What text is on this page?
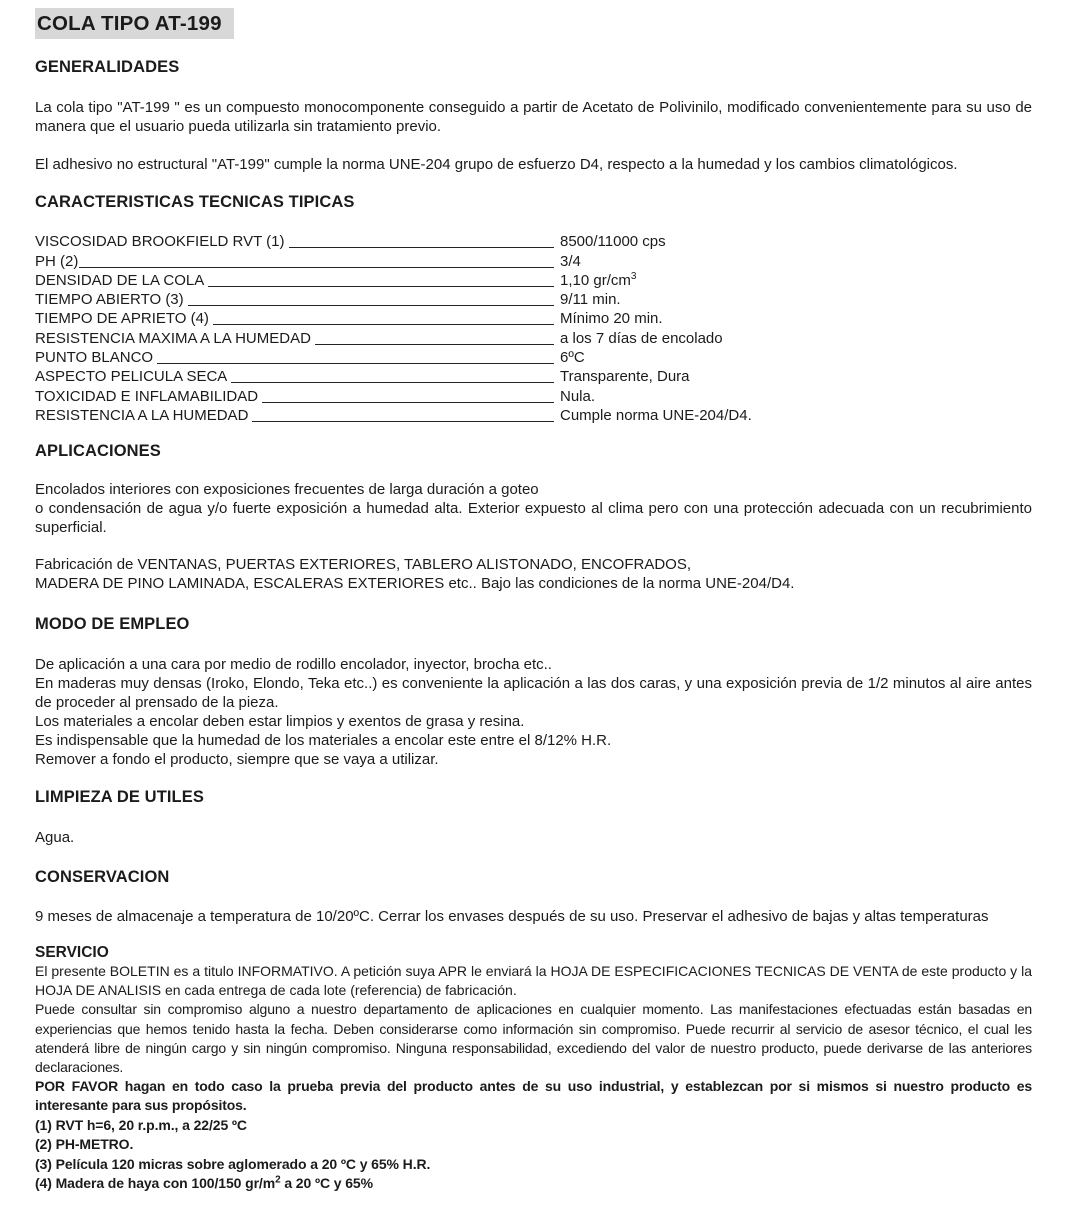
COLA TIPO AT-199
GENERALIDADES

La cola tipo "AT-199 " es un compuesto monocomponente conseguido a partir de Acetato de Polivinilo, modificado convenientemente para su uso de manera que el usuario pueda utilizarla sin tratamiento previo.

El adhesivo no estructural "AT-199" cumple la norma UNE-204 grupo de esfuerzo D4, respecto a la humedad y los cambios climatológicos.

CARACTERISTICAS TECNICAS TIPICAS
VISCOSIDAD BROOKFIELD RVT (1)	8500/11000 cps
PH (2)	3/4
DENSIDAD DE LA COLA	1,10 $gr/cm^3$
TIEMPO ABIERTO (3)	9/11 min.
TIEMPO DE APRIETO (4)	Mínimo 20 min.
RESISTENCIA MAXIMA A LA HUMEDAD	a los 7 días de encolado
PUNTO BLANCO	6ºC
ASPECTO PELICULA SECA	Transparente, Dura
TOXICIDAD E INFLAMABILIDAD	Nula.
RESISTENCIA A LA HUMEDAD	Cumple norma UNE-204/D4.
APLICACIONES
Encolados interiores con exposiciones frecuentes de larga duración a goteo

o condensación de agua y/o fuerte exposición a humedad alta. Exterior expuesto al clima pero con una protección adecuada con un recubrimiento superficial.

Fabricación de VENTANAS, PUERTAS EXTERIORES, TABLERO ALISTONADO, ENCOFRADOS,
MADERA DE PINO LAMINADA, ESCALERAS EXTERIORES etc.. Bajo las condiciones de la norma UNE-204/D4.
MODO DE EMPLEO
De aplicación a una cara por medio de rodillo encolador, inyector, brocha etc..

En maderas muy densas (Iroko, Elondo, Teka etc..) es conveniente la aplicación a las dos caras, y una exposición previa de 1/2 minutos al aire antes de proceder al prensado de la pieza.

Los materiales a encolar deben estar limpios y exentos de grasa y resina.
Es indispensable que la humedad de los materiales a encolar este entre el 8/12% H.R.
Remover a fondo el producto, siempre que se vaya a utilizar.
LIMPIEZA DE UTILES

Agua.

CONSERVACION

9 meses de almacenaje a temperatura de 10/20ºC. Cerrar los envases después de su uso. Preservar el adhesivo de bajas y altas temperaturas

SERVICIO

El presente BOLETIN es a titulo INFORMATIVO. A petición suya APR le enviará la HOJA DE ESPECIFICACIONES TECNICAS DE VENTA de este producto y la HOJA DE ANALISIS en cada entrega de cada lote (referencia) de fabricación.

Puede consultar sin compromiso alguno a nuestro departamento de aplicaciones en cualquier momento. Las manifestaciones efectuadas están basadas en experiencias que hemos tenido hasta la fecha. Deben considerarse como información sin compromiso. Puede recurrir al servicio de asesor técnico, el cual les atenderá libre de ningún cargo y sin ningún compromiso. Ninguna responsabilidad, excediendo del valor de nuestro producto, puede derivarse de las anteriores declaraciones.

POR FAVOR hagan en todo caso la prueba previa del producto antes de su uso industrial, y establezcan por si mismos si nuestro producto es interesante para sus propósitos.

(1) RVT h=6, 20 r.p.m., a 22/25 ºC
(2) PH-METRO.
(3) Película 120 micras sobre aglomerado a 20 ºC y 65% H.R.
(4) Madera de haya con 100/150 $gr/m^2$ a 20 ºC y 65%
